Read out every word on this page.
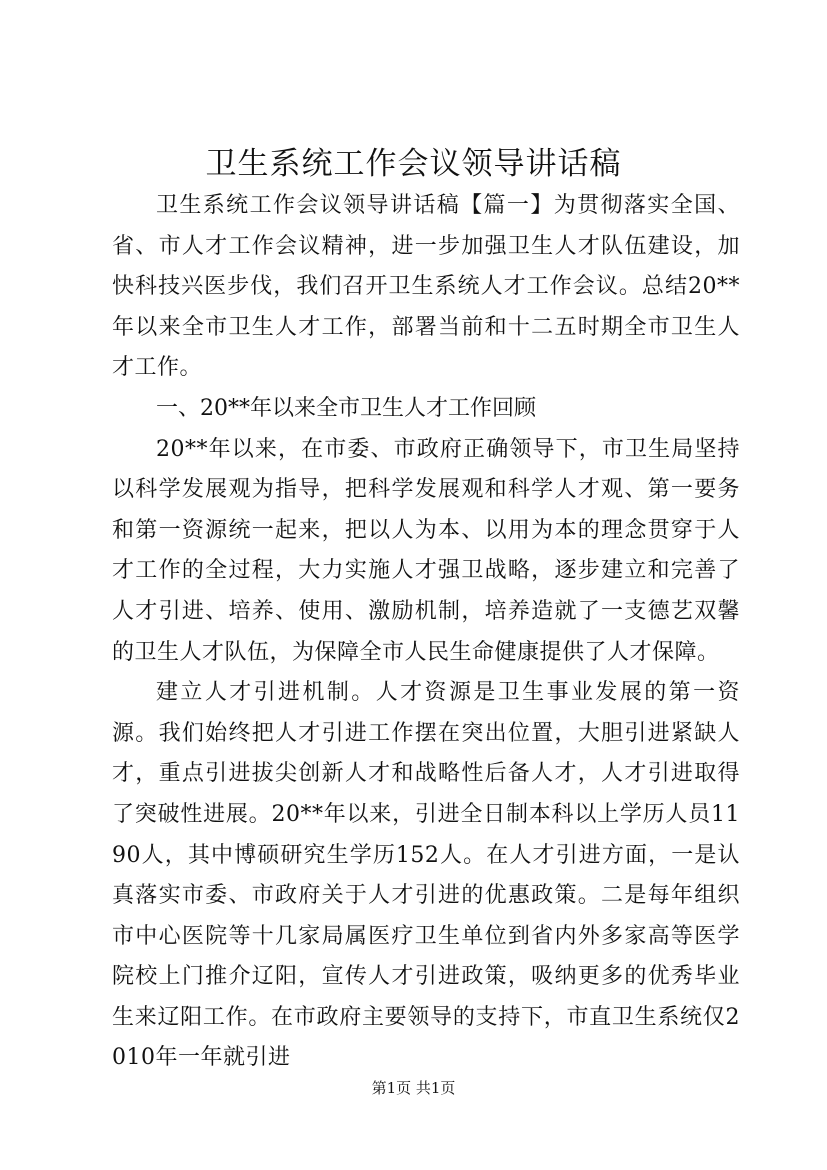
卫生系统工作会议领导讲话稿

卫生系统工作会议领导讲话稿【篇一】为贯彻落实全国、省、市人才工作会议精神，进一步加强卫生人才队伍建设，加快科技兴医步伐，我们召开卫生系统人才工作会议。总结20**年以来全市卫生人才工作，部署当前和十二五时期全市卫生人才工作。

一、20**年以来全市卫生人才工作回顾

20**年以来，在市委、市政府正确领导下，市卫生局坚持以科学发展观为指导，把科学发展观和科学人才观、第一要务和第一资源统一起来，把以人为本、以用为本的理念贯穿于人才工作的全过程，大力实施人才强卫战略，逐步建立和完善了人才引进、培养、使用、激励机制，培养造就了一支德艺双馨的卫生人才队伍，为保障全市人民生命健康提供了人才保障。

建立人才引进机制。人才资源是卫生事业发展的第一资源。我们始终把人才引进工作摆在突出位置，大胆引进紧缺人才，重点引进拔尖创新人才和战略性后备人才，人才引进取得了突破性进展。20**年以来，引进全日制本科以上学历人员1190人，其中博硕研究生学历152人。在人才引进方面，一是认真落实市委、市政府关于人才引进的优惠政策。二是每年组织市中心医院等十几家局属医疗卫生单位到省内外多家高等医学院校上门推介辽阳，宣传人才引进政策，吸纳更多的优秀毕业生来辽阳工作。在市政府主要领导的支持下，市直卫生系统仅2010年一年就引进

第1页 共1页
